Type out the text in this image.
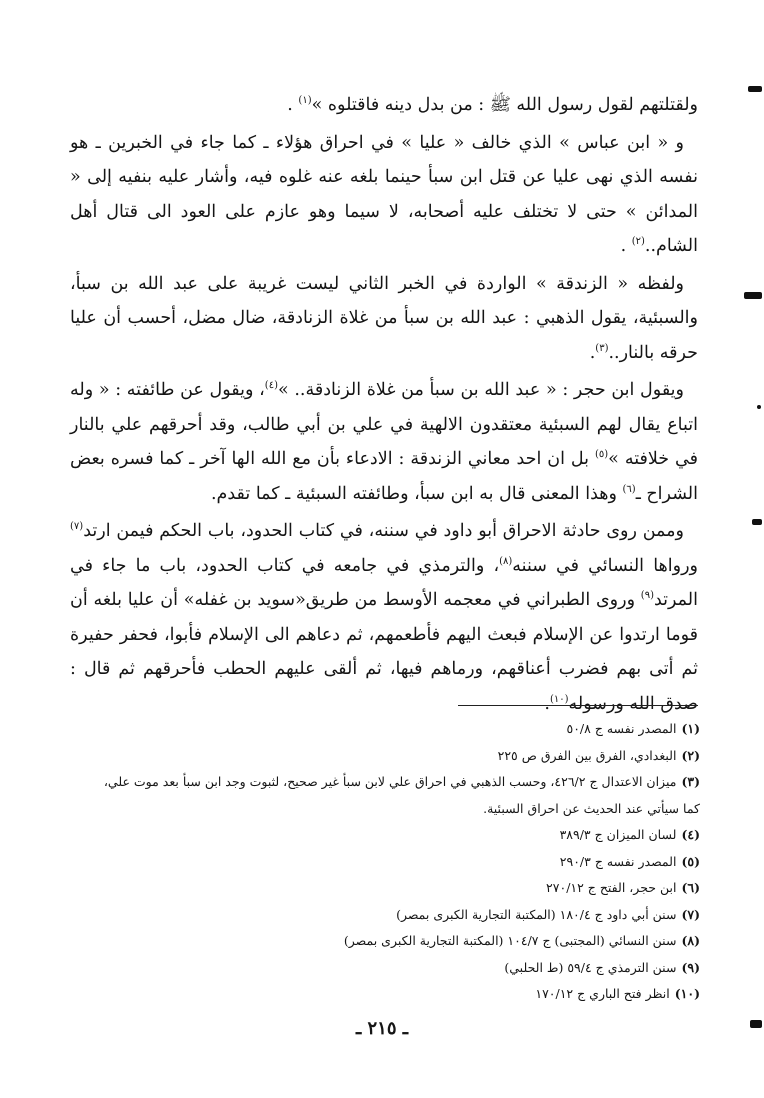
ولقتلتهم لقول رسول الله ﷺ : من بدل دينه فاقتلوه »$^{(١)}$ .

و « ابن عباس » الذي خالف « عليا » في احراق هؤلاء ـ كما جاء في الخبرين ـ هو نفسه الذي نهى عليا عن قتل ابن سبأ حينما بلغه عنه غلوه فيه، وأشار عليه بنفيه إلى « المدائن » حتى لا تختلف عليه أصحابه، لا سيما وهو عازم على العود الى قتال أهل الشام..$^{(٢)}$ .

ولفظه « الزندقة » الواردة في الخبر الثاني ليست غريبة على عبد الله بن سبأ، والسبئية، يقول الذهبي : عبد الله بن سبأ من غلاة الزنادقة، ضال مضل، أحسب أن عليا حرقه بالنار..$^{(٣)}$.

ويقول ابن حجر : « عبد الله بن سبأ من غلاة الزنادقة.. »$^{(٤)}$، ويقول عن طائفته : « وله اتباع يقال لهم السبئية معتقدون الالهية في علي بن أبي طالب، وقد أحرقهم علي بالنار في خلافته »$^{(٥)}$ بل ان احد معاني الزندقة : الادعاء بأن مع الله الها آخر ـ كما فسره بعض الشراح ـ$^{(٦)}$ وهذا المعنى قال به ابن سبأ، وطائفته السبئية ـ كما تقدم.

وممن روى حادثة الاحراق أبو داود في سننه، في كتاب الحدود، باب الحكم فيمن ارتد$^{(٧)}$ ورواها النسائي في سننه$^{(٨)}$، والترمذي في جامعه في كتاب الحدود، باب ما جاء في المرتد$^{(٩)}$ وروى الطبراني في معجمه الأوسط من طريق«سويد بن غفله» أن عليا بلغه أن قوما ارتدوا عن الإسلام فبعث اليهم فأطعمهم، ثم دعاهم الى الإسلام فأبوا، فحفر حفيرة ثم أتى بهم فضرب أعناقهم، ورماهم فيها، ثم ألقى عليهم الحطب فأحرقهم ثم قال : صدق الله ورسوله$^{(١٠)}$.

(١)المصدر نفسه ج ٥٠/٨

(٢)البغدادي، الفرق بين الفرق ص ٢٢٥

(٣)ميزان الاعتدال ج ٤٢٦/٢، وحسب الذهبي في احراق علي لابن سبأ غير صحيح، لثبوت وجد ابن سبأ بعد موت علي،

كما سيأتي عند الحديث عن احراق السبئية.

(٤)لسان الميزان ج ٣٨٩/٣

(٥)المصدر نفسه ج ٢٩٠/٣

(٦)ابن حجر، الفتح ج ٢٧٠/١٢

(٧)سنن أبي داود ج ١٨٠/٤ (المكتبة التجارية الكبرى بمصر)

(٨)سنن النسائي (المجتبى) ج ١٠٤/٧ (المكتبة التجارية الكبرى بمصر)

(٩)سنن الترمذي ج ٥٩/٤ (ط الحلبي)

(١٠)انظر فتح الباري ج ١٧٠/١٢

ـ ٢١٥ ـ
